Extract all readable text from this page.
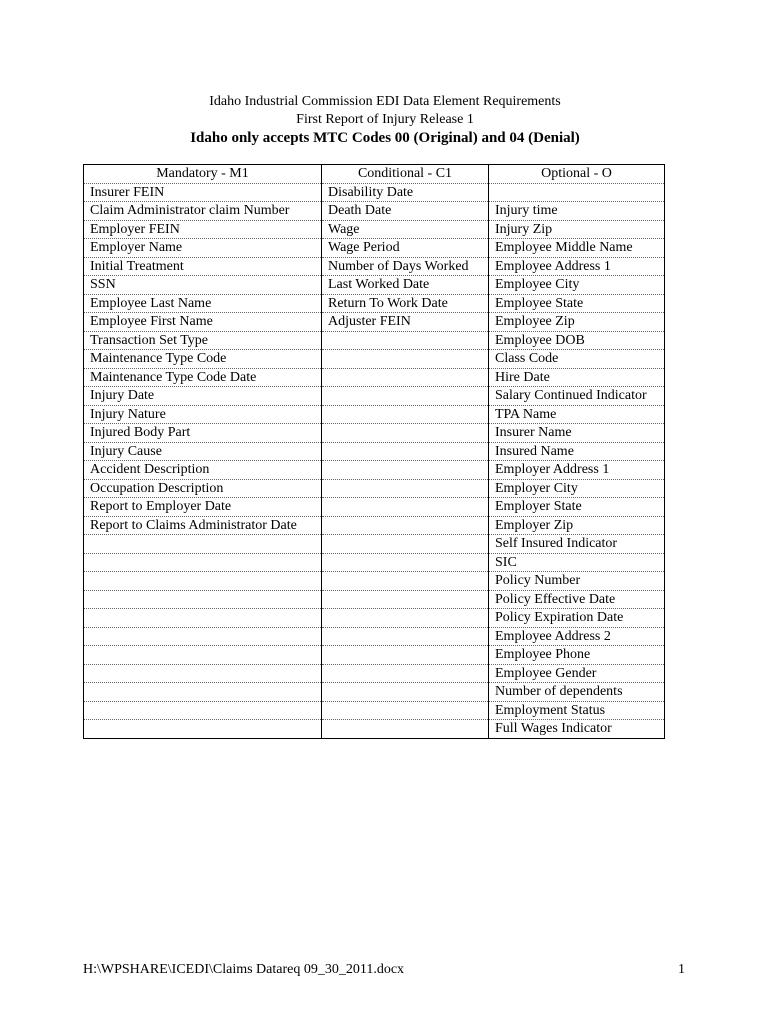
Idaho Industrial Commission EDI Data Element Requirements
First Report of Injury Release 1
Idaho only accepts MTC Codes 00 (Original) and 04 (Denial)
Mandatory - M1	Conditional - C1	Optional - O
Insurer FEIN	Disability Date	
Claim Administrator claim Number	Death Date	Injury time
Employer FEIN	Wage	Injury Zip
Employer Name	Wage Period	Employee Middle Name
Initial Treatment	Number of Days Worked	Employee Address 1
SSN	Last Worked Date	Employee City
Employee Last Name	Return To Work Date	Employee State
Employee First Name	Adjuster FEIN	Employee Zip
Transaction Set Type		Employee DOB
Maintenance Type Code		Class Code
Maintenance Type Code Date		Hire Date
Injury Date		Salary Continued Indicator
Injury Nature		TPA Name
Injured Body Part		Insurer Name
Injury Cause		Insured Name
Accident Description		Employer Address 1
Occupation Description		Employer City
Report to Employer Date		Employer State
Report to Claims Administrator Date		Employer Zip
		Self Insured Indicator
		SIC
		Policy Number
		Policy Effective Date
		Policy Expiration Date
		Employee Address 2
		Employee Phone
		Employee Gender
		Number of dependents
		Employment Status
		Full Wages Indicator
H:\WPSHARE\ICEDI\Claims Datareq 09_30_2011.docx	1
